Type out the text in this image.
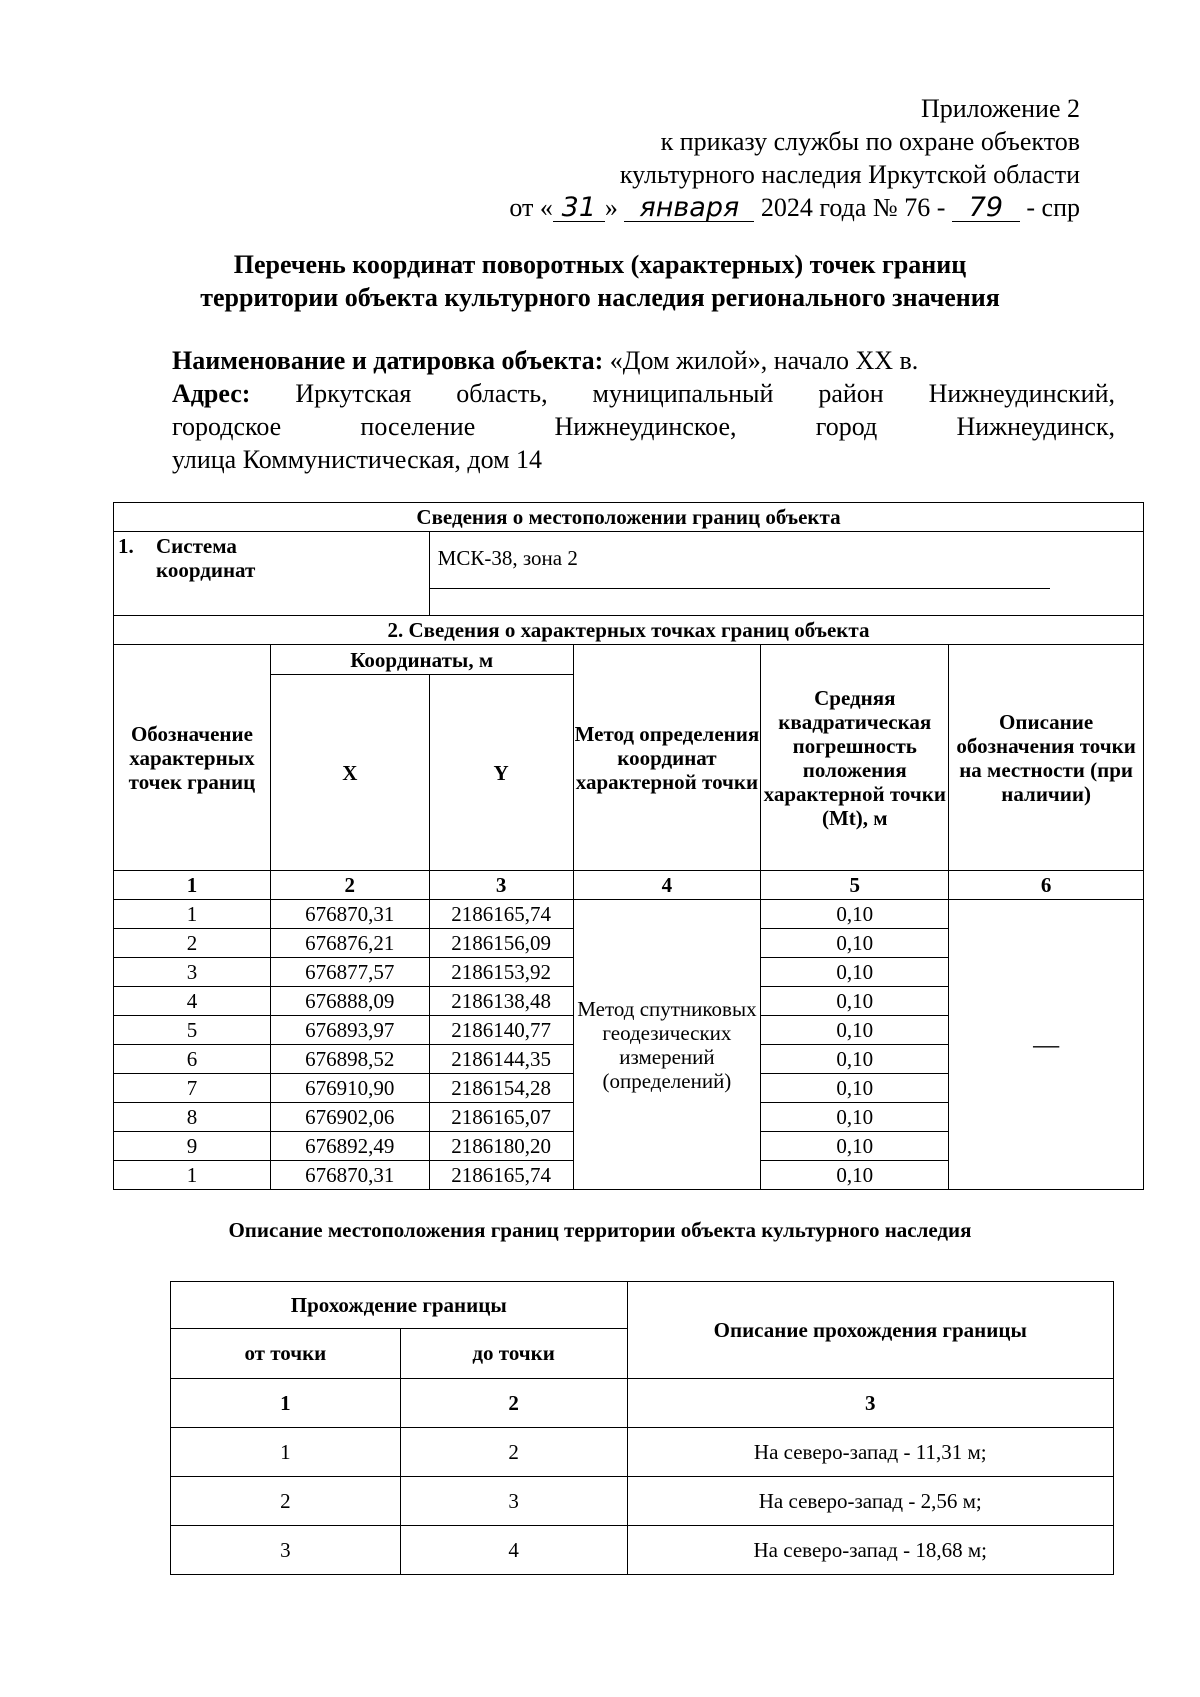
Приложение 2
к приказу службы по охране объектов
культурного наследия Иркутской области
от « 31 » января 2024 года № 76 - 79 - спр
Перечень координат поворотных (характерных) точек границ
территории объекта культурного наследия регионального значения
Наименование и датировка объекта: «Дом жилой», начало XX в.
Адрес: Иркутская область, муниципальный район Нижнеудинский,
городское поселение Нижнеудинское, город Нижнеудинск,
улица Коммунистическая, дом 14
Сведения о местоположении границ объекта					

1. Система координат		МСК-38, зона 2			
2. Сведения о характерных точках границ объекта					
Обозначение характерных точек границ	Координаты, м		Метод определения координат характерной точки	Средняя квадратическая погрешность положения характерной точки (Mt), м	Описание обозначения точки на местности (при наличии)
	X	Y			
1	2	3	4	5	6
1	676870,31	2186165,74	Метод спутниковых геодезических измерений (определений)	0,10	—
2	676876,21	2186156,09		0,10	
3	676877,57	2186153,92		0,10	
4	676888,09	2186138,48		0,10	
5	676893,97	2186140,77		0,10	
6	676898,52	2186144,35		0,10	
7	676910,90	2186154,28		0,10	
8	676902,06	2186165,07		0,10	
9	676892,49	2186180,20		0,10	
1	676870,31	2186165,74		0,10	
Описание местоположения границ территории объекта культурного наследия
Прохождение границы		Описание прохождения границы
от точки	до точки	
1	2	3
1	2	На северо-запад - 11,31 м;
2	3	На северо-запад - 2,56 м;
3	4	На северо-запад - 18,68 м;
